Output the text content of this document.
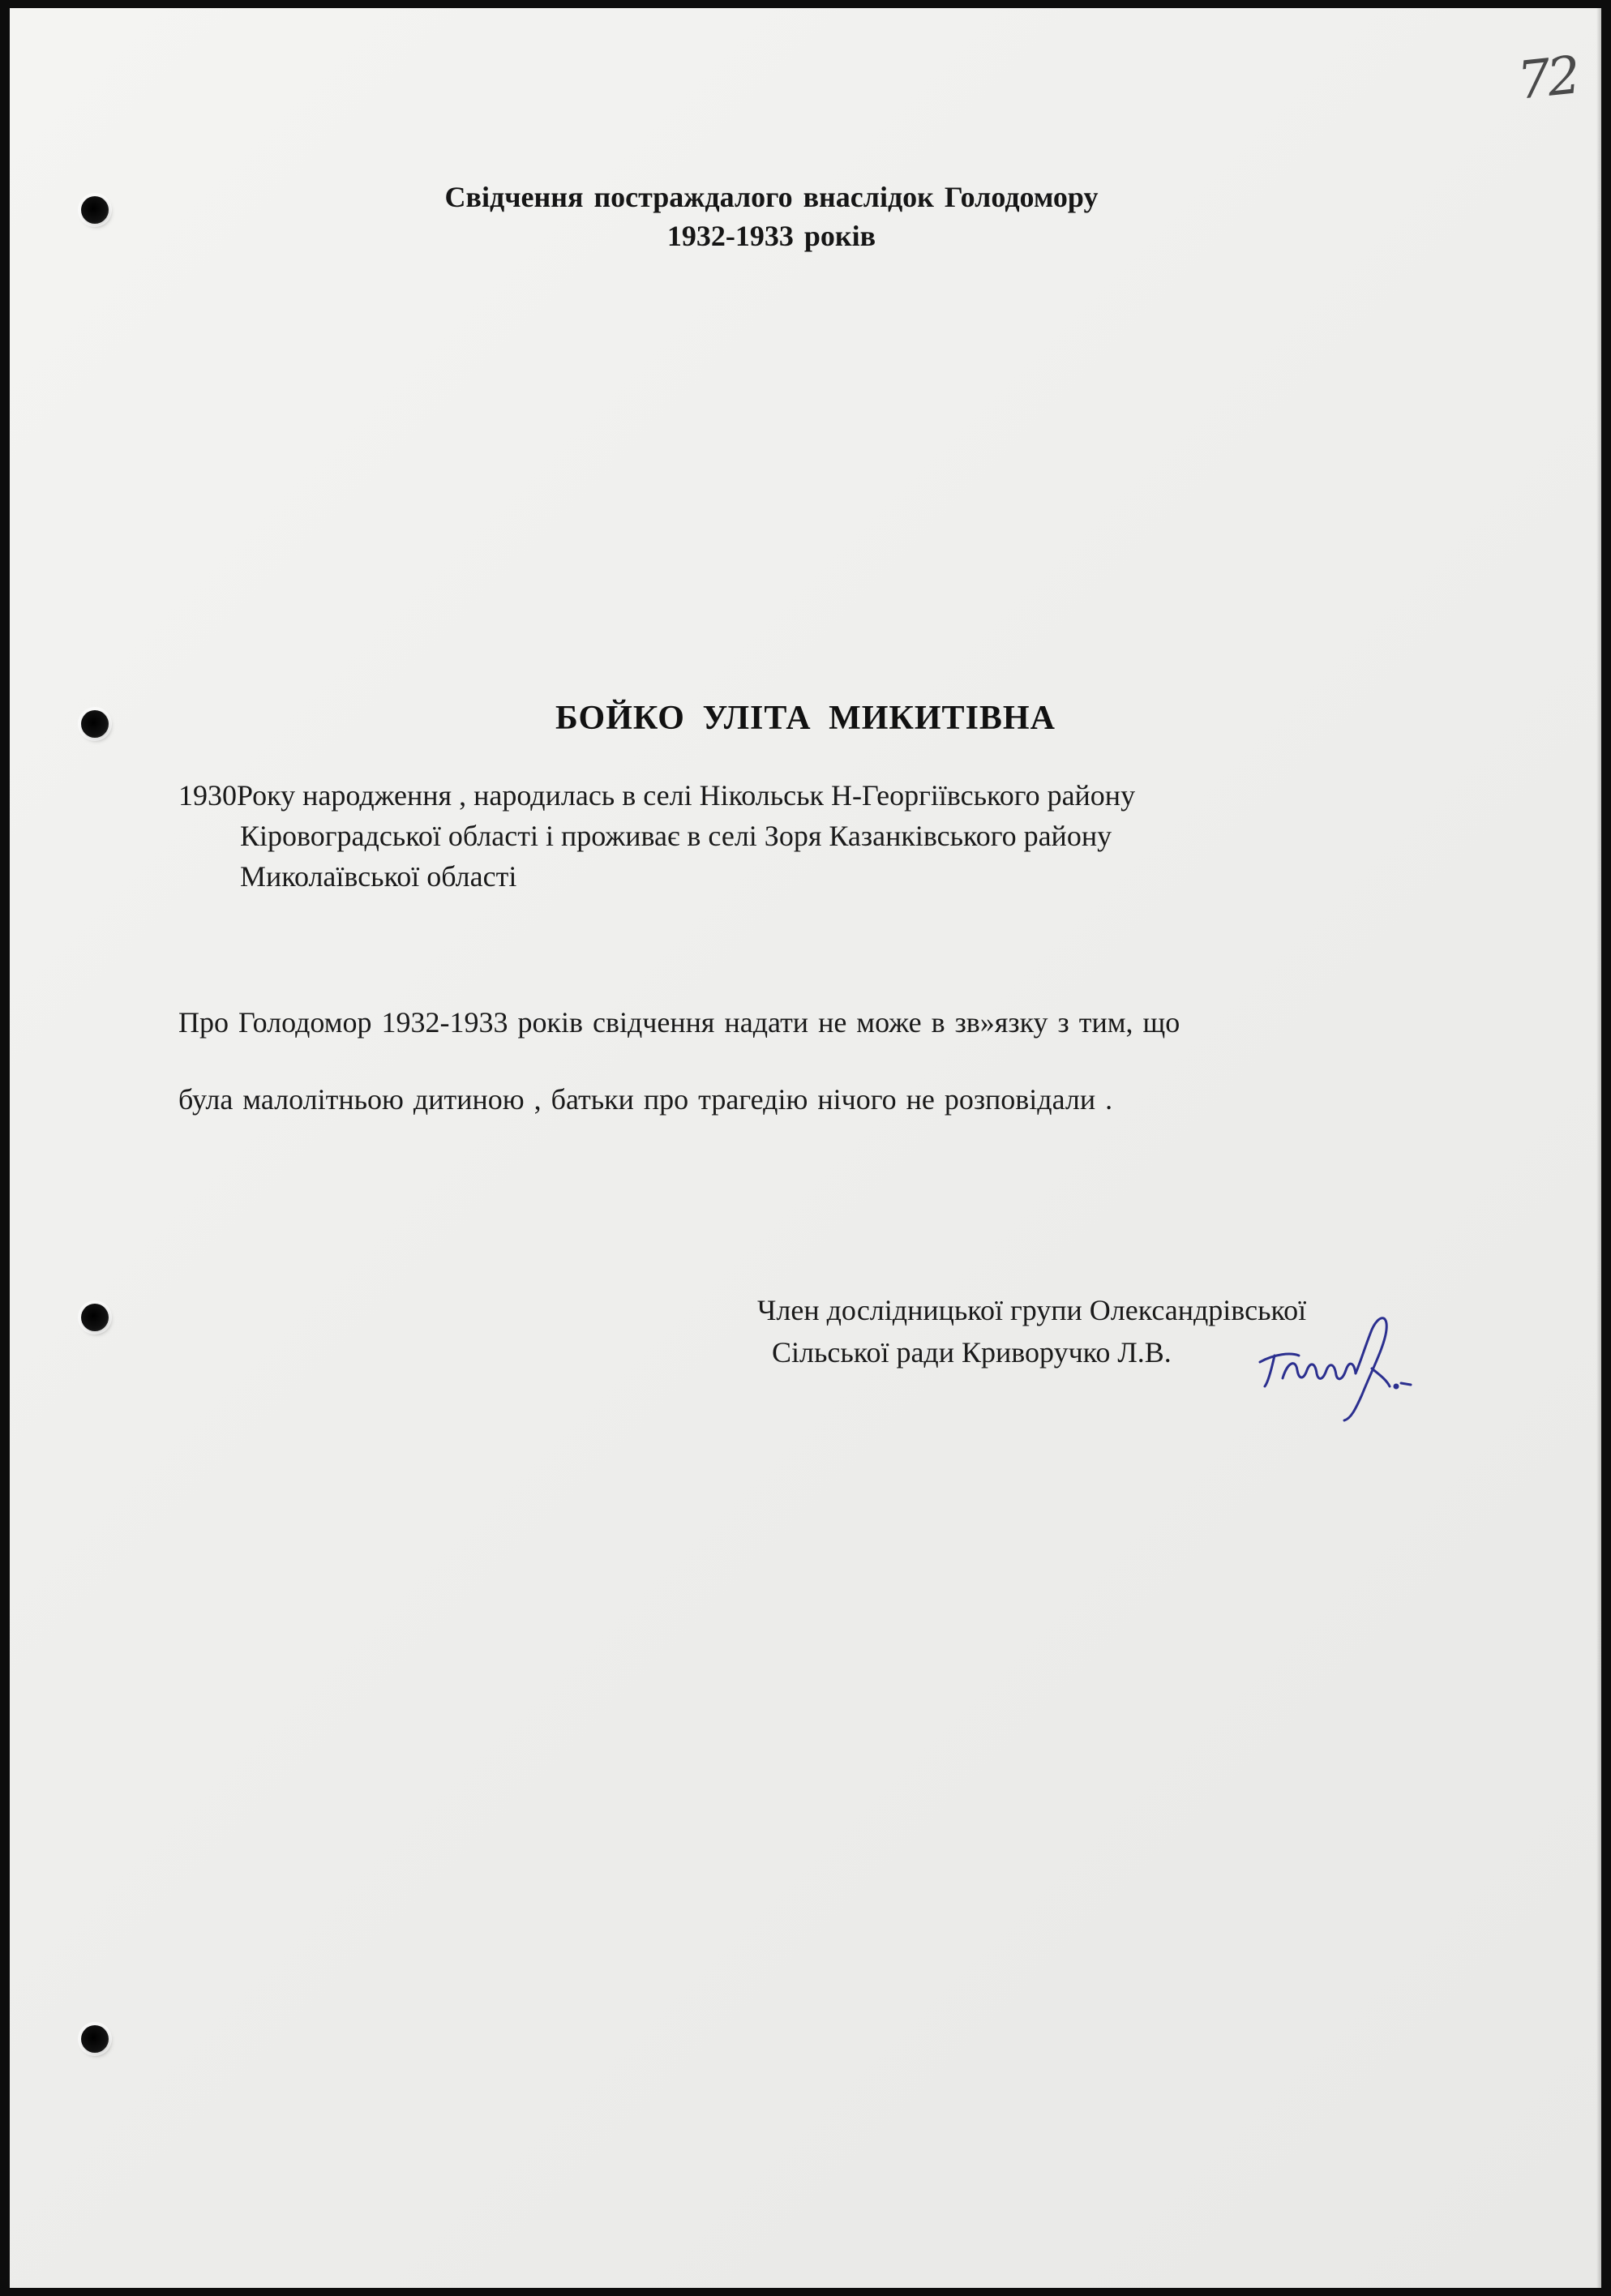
72
Свідчення постраждалого внаслідок Голодомору
1932-1933 років
БОЙКО УЛІТА МИКИТІВНА
1930Року народження , народилась в селі Нікольськ Н-Георгіївського району
Кіровоградської області і проживає в селі Зоря Казанківського району
Миколаївської області
Про Голодомор 1932-1933 років свідчення надати не може в зв»язку з тим, що
була малолітньою дитиною , батьки про трагедію нічого не розповідали .
Член дослідницької групи Олександрівської
Сільської ради Криворучко Л.В.
